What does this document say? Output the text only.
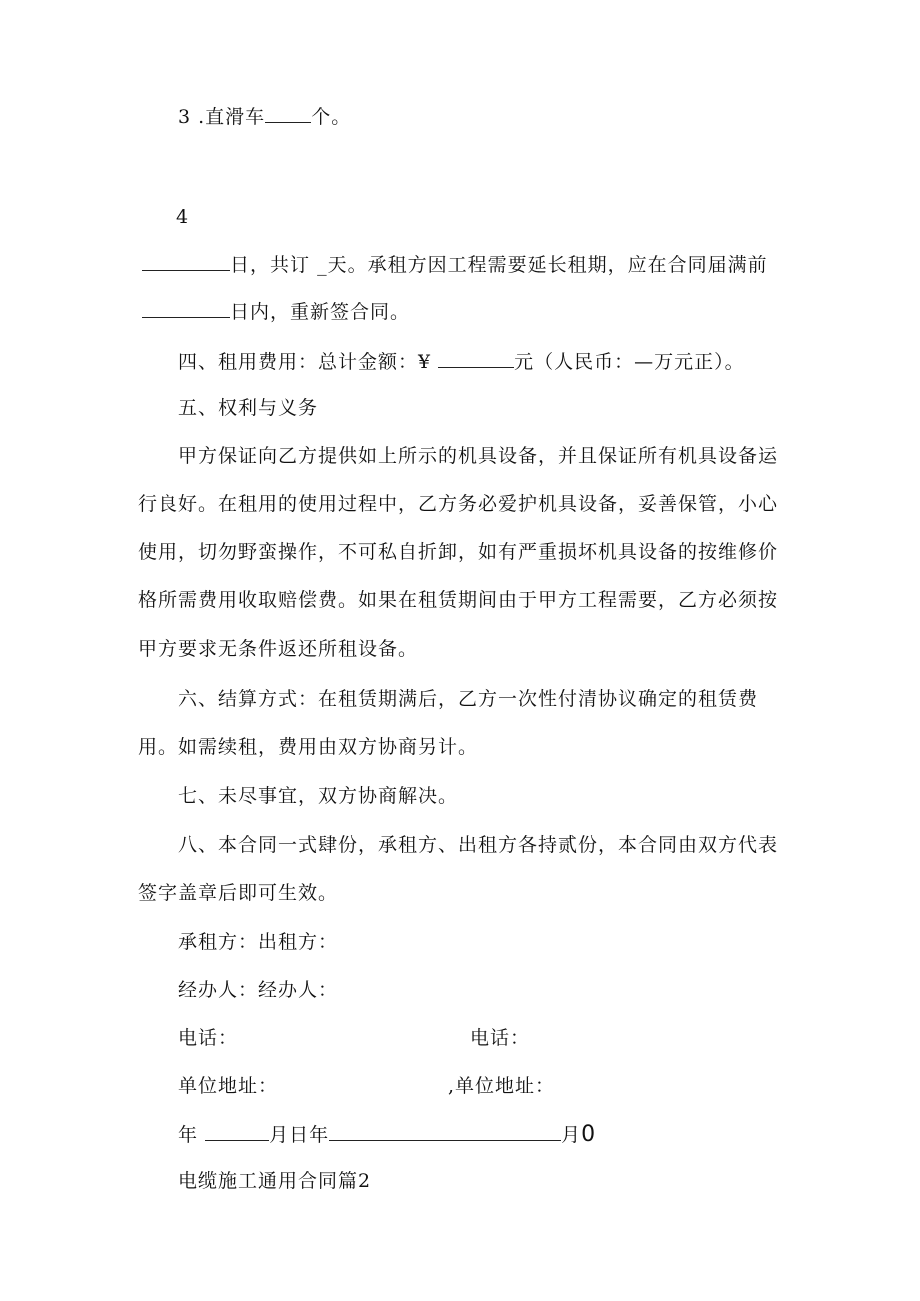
3 .直滑车 个。
4
日，共订 _天。承租方因工程需要延长租期，应在合同届满前
日内，重新签合同。
四、租用费用：总计金额：¥	元（人民币：—万元正）。
五、权利与义务
甲方保证向乙方提供如上所示的机具设备，并且保证所有机具设备运
行良好。在租用的使用过程中，乙方务必爱护机具设备，妥善保管，小心
使用，切勿野蛮操作，不可私自折卸，如有严重损坏机具设备的按维修价
格所需费用收取赔偿费。如果在租赁期间由于甲方工程需要，乙方必须按
甲方要求无条件返还所租设备。
六、结算方式：在租赁期满后，乙方一次性付清协议确定的租赁费
用。如需续租，费用由双方协商另计。
七、未尽事宜，双方协商解决。
八、本合同一式肆份，承租方、出租方各持贰份，本合同由双方代表
签字盖章后即可生效。
承租方：出租方：
经办人：经办人：
电话：	电话：
单位地址：	,单位地址：
年	月日年	月0
电缆施工通用合同篇2
